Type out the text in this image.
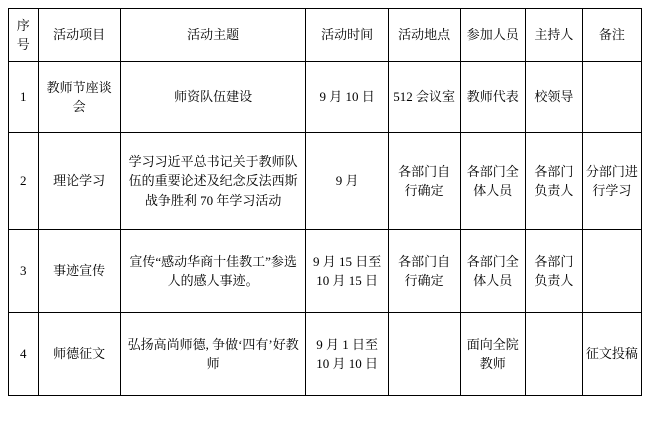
序号	活动项目	活动主题	活动时间	活动地点	参加人员	主持人	备注
1	教师节座谈会	师资队伍建设	9 月 10 日	512 会议室	教师代表	校领导	
2	理论学习	学习习近平总书记关于教师队伍的重要论述及纪念反法西斯战争胜利 70 年学习活动	9 月	各部门自行确定	各部门全体人员	各部门负责人	分部门进行学习
3	事迹宣传	宣传“感动华商十佳教工”参选人的感人事迹。	9 月 15 日至 10 月 15 日	各部门自行确定	各部门全体人员	各部门负责人	
4	师德征文	弘扬高尚师德, 争做‘四有’好教师	9 月 1 日至 10 月 10 日		面向全院教师		征文投稿
